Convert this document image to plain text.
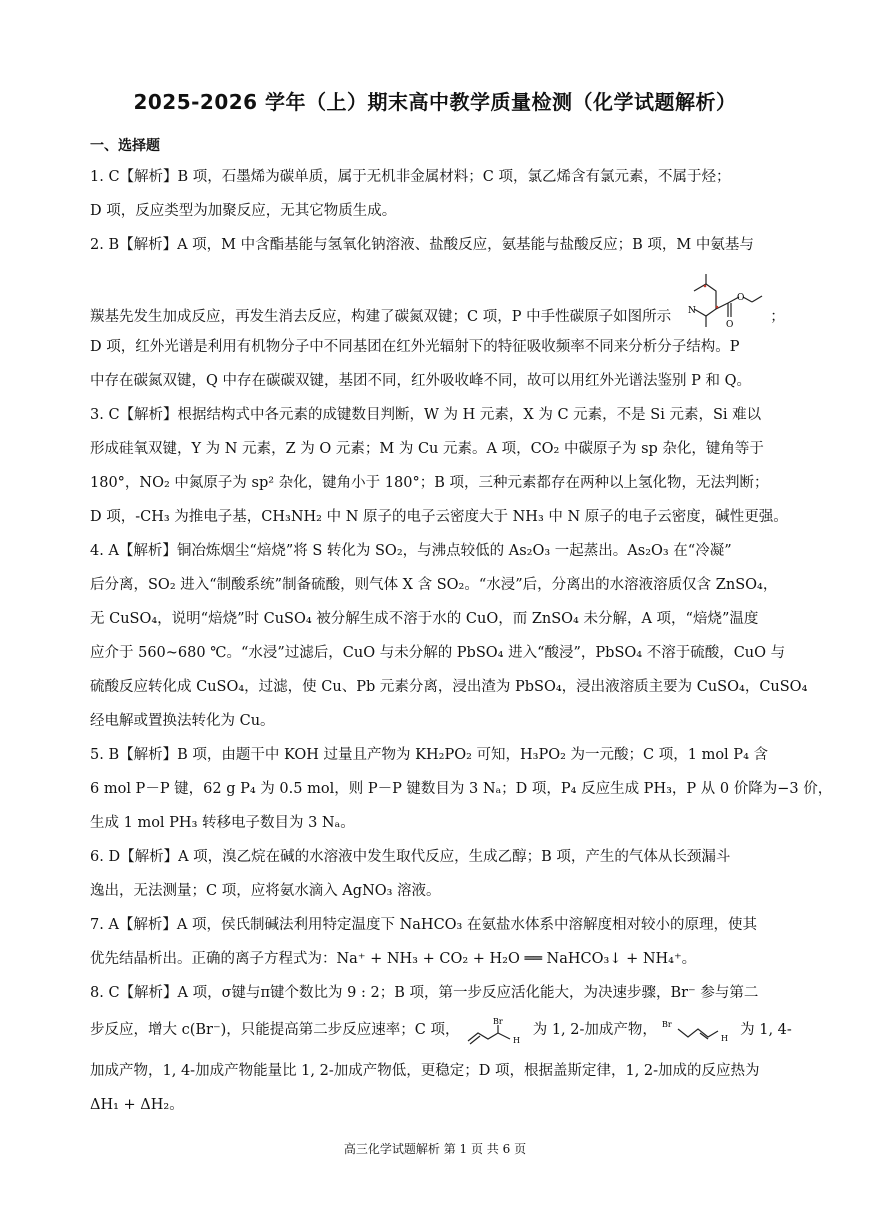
2025-2026 学年（上）期末高中教学质量检测（化学试题解析）
一、选择题
1. C【解析】B 项，石墨烯为碳单质，属于无机非金属材料；C 项，氯乙烯含有氯元素，不属于烃；
D 项，反应类型为加聚反应，无其它物质生成。
2. B【解析】A 项，M 中含酯基能与氢氧化钠溶液、盐酸反应，氨基能与盐酸反应；B 项，M 中氨基与
羰基先发生加成反应，再发生消去反应，构建了碳氮双键；C 项，P 中手性碳原子如图所示 N
O
O	；
D 项，红外光谱是利用有机物分子中不同基团在红外光辐射下的特征吸收频率不同来分析分子结构。P
中存在碳氮双键，Q 中存在碳碳双键，基团不同，红外吸收峰不同，故可以用红外光谱法鉴别 P 和 Q。
3. C【解析】根据结构式中各元素的成键数目判断，W 为 H 元素，X 为 C 元素，不是 Si 元素，Si 难以
形成硅氧双键，Y 为 N 元素，Z 为 O 元素；M 为 Cu 元素。A 项，CO₂ 中碳原子为 sp 杂化，键角等于
180°，NO₂ 中氮原子为 sp² 杂化，键角小于 180°；B 项，三种元素都存在两种以上氢化物，无法判断；
D 项，-CH₃ 为推电子基，CH₃NH₂ 中 N 原子的电子云密度大于 NH₃ 中 N 原子的电子云密度，碱性更强。
4. A【解析】铜冶炼烟尘“焙烧”将 S 转化为 SO₂，与沸点较低的 As₂O₃ 一起蒸出。As₂O₃ 在“冷凝”
后分离，SO₂ 进入“制酸系统”制备硫酸，则气体 X 含 SO₂。“水浸”后，分离出的水溶液溶质仅含 ZnSO₄，
无 CuSO₄，说明“焙烧”时 CuSO₄ 被分解生成不溶于水的 CuO，而 ZnSO₄ 未分解，A 项，“焙烧”温度
应介于 560~680 ℃。“水浸”过滤后，CuO 与未分解的 PbSO₄ 进入“酸浸”，PbSO₄ 不溶于硫酸，CuO 与
硫酸反应转化成 CuSO₄，过滤，使 Cu、Pb 元素分离，浸出渣为 PbSO₄，浸出液溶质主要为 CuSO₄，CuSO₄
经电解或置换法转化为 Cu。
5. B【解析】B 项，由题干中 KOH 过量且产物为 KH₂PO₂ 可知，H₃PO₂ 为一元酸；C 项，1 mol P₄ 含
6 mol P－P 键，62 g P₄ 为 0.5 mol，则 P－P 键数目为 3 Nₐ；D 项，P₄ 反应生成 PH₃，P 从 0 价降为−3 价，
生成 1 mol PH₃ 转移电子数目为 3 Nₐ。
6. D【解析】A 项，溴乙烷在碱的水溶液中发生取代反应，生成乙醇；B 项，产生的气体从长颈漏斗
逸出，无法测量；C 项，应将氨水滴入 AgNO₃ 溶液。
7. A【解析】A 项，侯氏制碱法利用特定温度下 NaHCO₃ 在氨盐水体系中溶解度相对较小的原理，使其
优先结晶析出。正确的离子方程式为：Na⁺ + NH₃ + CO₂ + H₂O ══ NaHCO₃↓ + NH₄⁺。
8. C【解析】A 项，σ键与π键个数比为 9 : 2；B 项，第一步反应活化能大，为决速步骤，Br⁻ 参与第二
步反应，增大 c(Br⁻)，只能提高第二步反应速率；C 项，
Br
H
为 1, 2-加成产物， Br
H
为 1, 4-
加成产物，1, 4-加成产物能量比 1, 2-加成产物低，更稳定；D 项，根据盖斯定律，1, 2-加成的反应热为
ΔH₁ + ΔH₂。
高三化学试题解析 第 1 页 共 6 页
